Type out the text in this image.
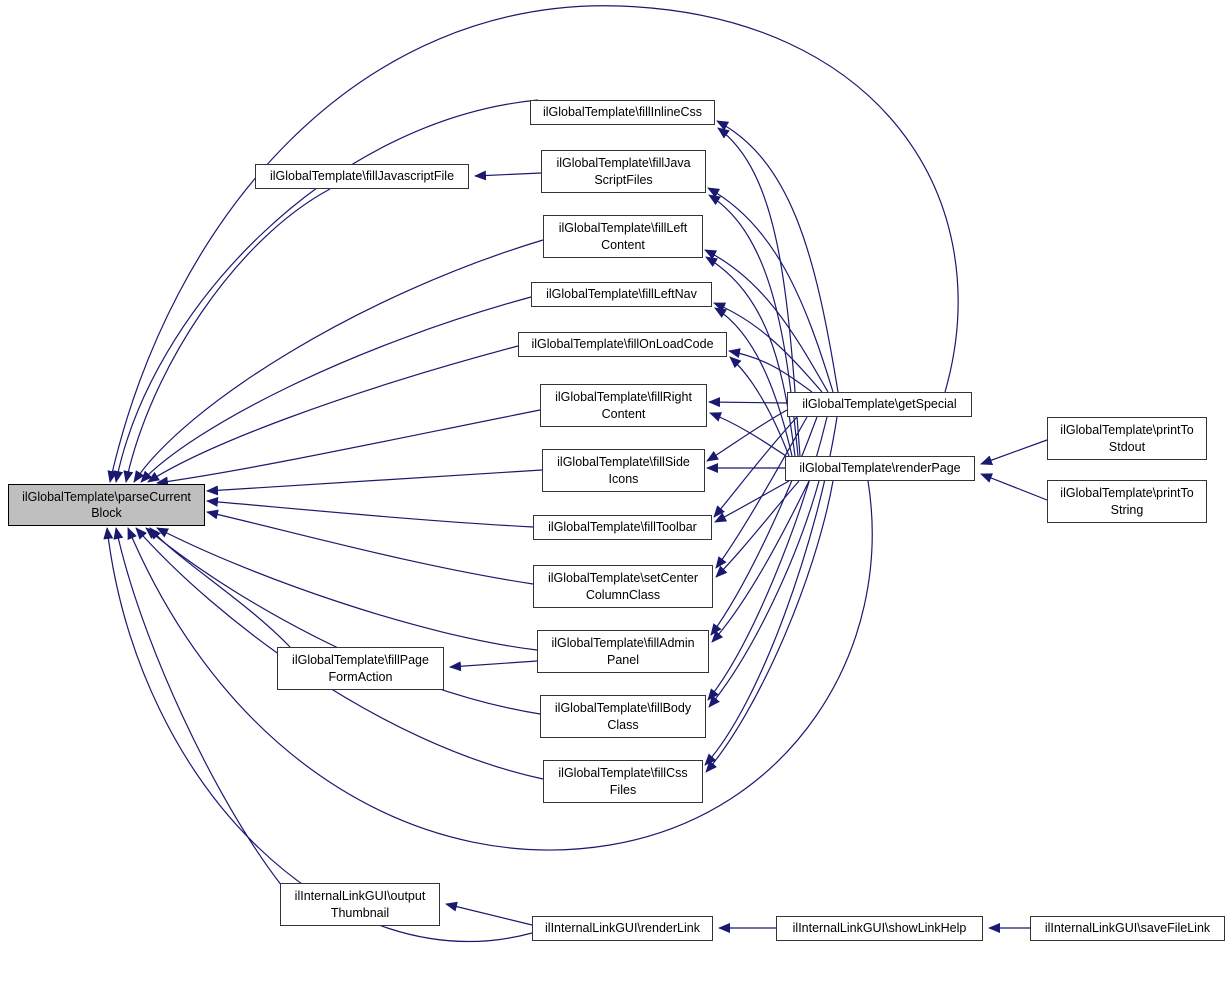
ilGlobalTemplate\parseCurrent
Block
ilGlobalTemplate\fillInlineCss
ilGlobalTemplate\fillJavascriptFile
ilGlobalTemplate\fillJava
ScriptFiles
ilGlobalTemplate\fillLeft
Content
ilGlobalTemplate\fillLeftNav
ilGlobalTemplate\fillOnLoadCode
ilGlobalTemplate\fillRight
Content
ilGlobalTemplate\fillSide
Icons
ilGlobalTemplate\fillToolbar
ilGlobalTemplate\setCenter
ColumnClass
ilGlobalTemplate\fillAdmin
Panel
ilGlobalTemplate\fillBody
Class
ilGlobalTemplate\fillCss
Files
ilGlobalTemplate\fillPage
FormAction
ilGlobalTemplate\getSpecial
ilGlobalTemplate\renderPage
ilGlobalTemplate\printTo
Stdout
ilGlobalTemplate\printTo
String
ilInternalLinkGUI\output
Thumbnail
ilInternalLinkGUI\renderLink	ilInternalLinkGUI\showLinkHelp	ilInternalLinkGUI\saveFileLink
